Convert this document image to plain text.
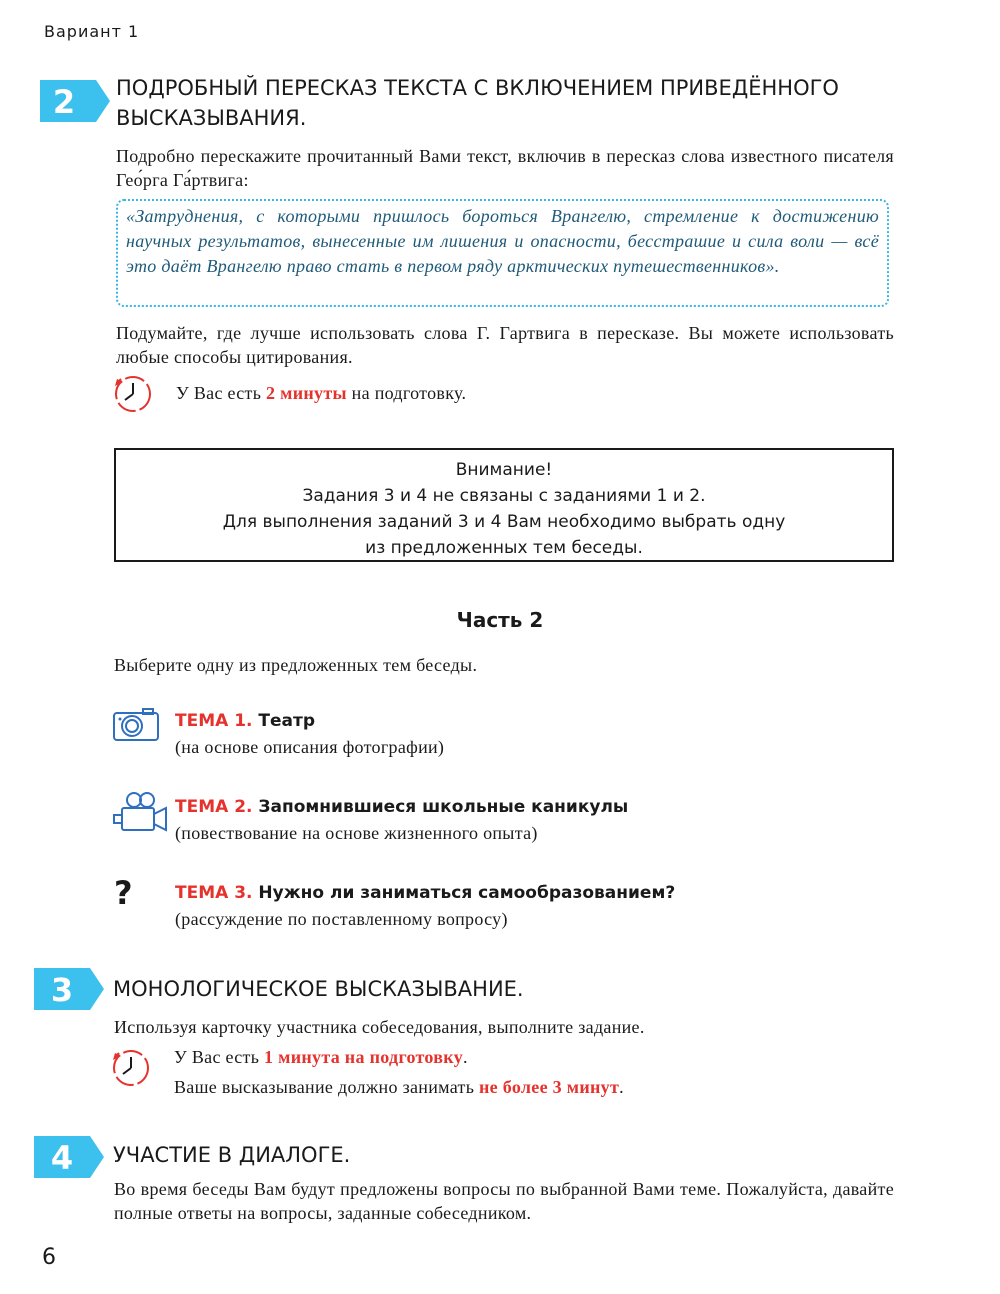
Вариант 1
2 ПОДРОБНЫЙ ПЕРЕСКАЗ ТЕКСТА С ВКЛЮЧЕНИЕМ ПРИВЕДЁННОГО
ВЫСКАЗЫВАНИЯ.
Подробно перескажите прочитанный Вами текст, включив в пересказ слова известного писателя Гео́рга Га́ртвига:
«Затруднения, с которыми пришлось бороться Врангелю, стремление к достижению научных результатов, вынесенные им лишения и опасности, бесстрашие и сила воли — всё это даёт Врангелю право стать в первом ряду арктических путешественников».
Подумайте, где лучше использовать слова Г. Гартвига в пересказе. Вы можете использовать любые способы цитирования.
У Вас есть 2 минуты на подготовку.
Внимание!
Задания 3 и 4 не связаны с заданиями 1 и 2.
Для выполнения заданий 3 и 4 Вам необходимо выбрать одну
из предложенных тем беседы.
Часть 2
Выберите одну из предложенных тем беседы.
ТЕМА 1. Театр
(на основе описания фотографии)
ТЕМА 2. Запомнившиеся школьные каникулы
(повествование на основе жизненного опыта)
? ТЕМА 3. Нужно ли заниматься самообразованием?
(рассуждение по поставленному вопросу)
3 МОНОЛОГИЧЕСКОЕ ВЫСКАЗЫВАНИЕ.
Используя карточку участника собеседования, выполните задание.
У Вас есть 1 минута на подготовку.
Ваше высказывание должно занимать не более 3 минут.
4 УЧАСТИЕ В ДИАЛОГЕ.
Во время беседы Вам будут предложены вопросы по выбранной Вами теме. Пожалуйста, давайте полные ответы на вопросы, заданные собеседником.
6
